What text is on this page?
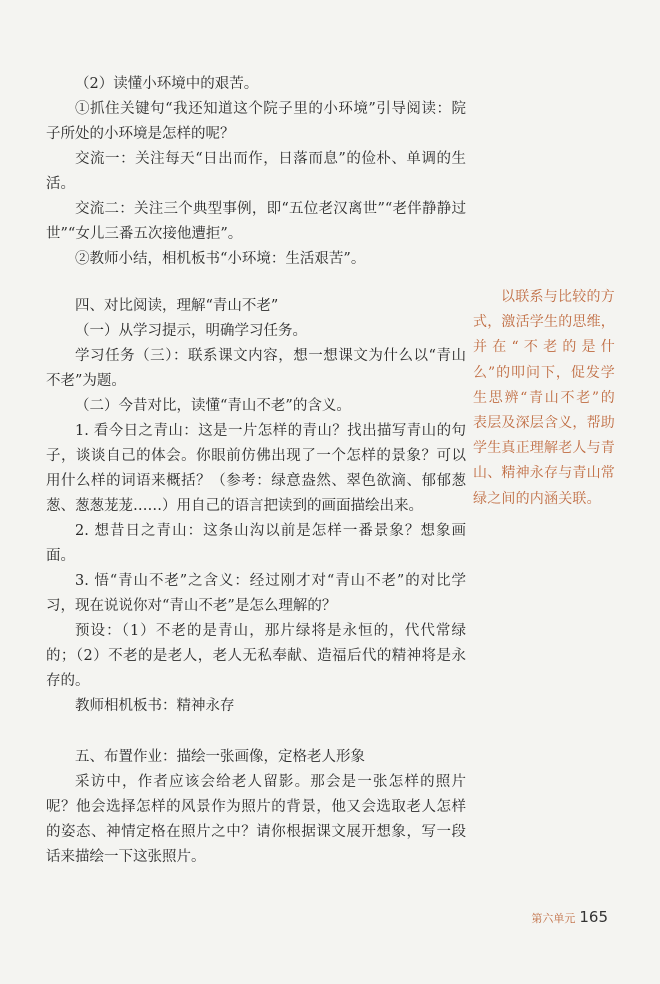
（2）读懂小环境中的艰苦。

①抓住关键句“我还知道这个院子里的小环境”引导阅读：院子所处的小环境是怎样的呢？

交流一：关注每天“日出而作，日落而息”的俭朴、单调的生活。

交流二：关注三个典型事例，即“五位老汉离世”“老伴静静过世”“女儿三番五次接他遭拒”。

②教师小结，相机板书“小环境：生活艰苦”。

四、对比阅读，理解“青山不老”

（一）从学习提示，明确学习任务。

学习任务（三）：联系课文内容，想一想课文为什么以“青山不老”为题。

（二）今昔对比，读懂“青山不老”的含义。

1. 看今日之青山：这是一片怎样的青山？找出描写青山的句子，谈谈自己的体会。你眼前仿佛出现了一个怎样的景象？可以用什么样的词语来概括？（参考：绿意盎然、翠色欲滴、郁郁葱葱、葱葱茏茏……）用自己的语言把读到的画面描绘出来。

2. 想昔日之青山：这条山沟以前是怎样一番景象？想象画面。

3. 悟“青山不老”之含义：经过刚才对“青山不老”的对比学习，现在说说你对“青山不老”是怎么理解的？

预设：（1）不老的是青山，那片绿将是永恒的，代代常绿的；（2）不老的是老人，老人无私奉献、造福后代的精神将是永存的。

教师相机板书：精神永存

五、布置作业：描绘一张画像，定格老人形象

采访中，作者应该会给老人留影。那会是一张怎样的照片呢？他会选择怎样的风景作为照片的背景，他又会选取老人怎样的姿态、神情定格在照片之中？请你根据课文展开想象，写一段话来描绘一下这张照片。

以联系与比较的方式，激活学生的思维，并在“不老的是什么”的叩问下，促发学生思辨“青山不老”的表层及深层含义，帮助学生真正理解老人与青山、精神永存与青山常绿之间的内涵关联。

第六单元 165
